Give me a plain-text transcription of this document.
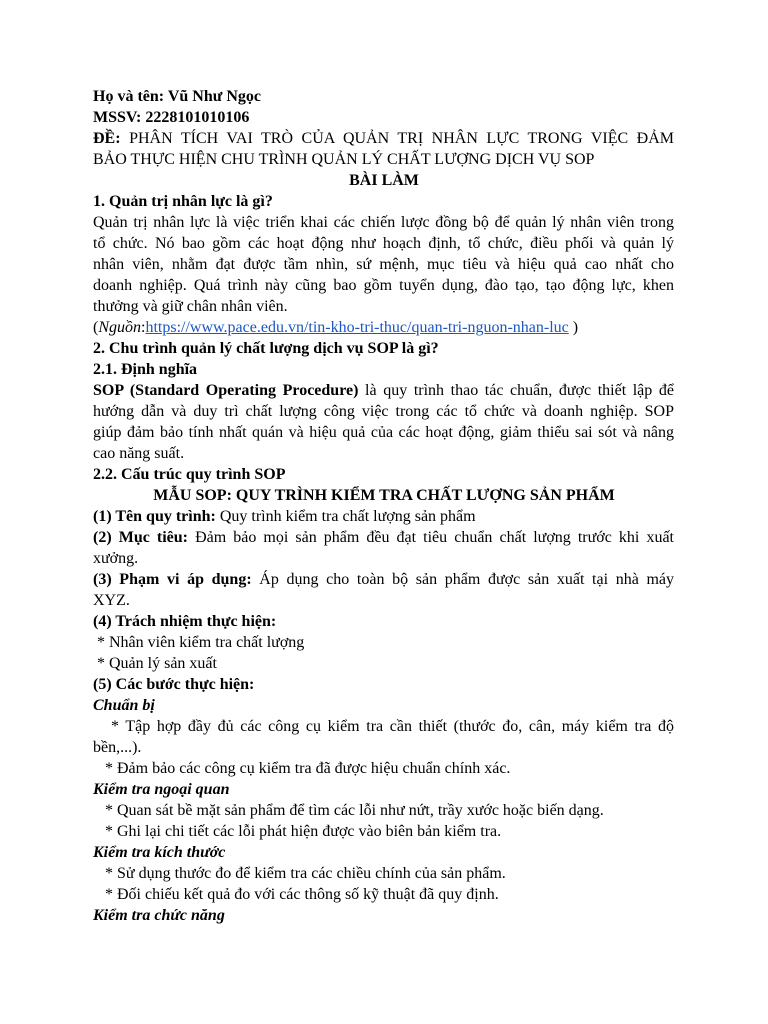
Họ và tên: Vũ Như Ngọc
MSSV: 2228101010106
ĐỀ: PHÂN TÍCH VAI TRÒ CỦA QUẢN TRỊ NHÂN LỰC TRONG VIỆC ĐẢM
BẢO THỰC HIỆN CHU TRÌNH QUẢN LÝ CHẤT LƯỢNG DỊCH VỤ SOP
BÀI LÀM
1. Quản trị nhân lực là gì?
Quản trị nhân lực là việc triển khai các chiến lược đồng bộ để quản lý nhân viên trong
tổ chức. Nó bao gồm các hoạt động như hoạch định, tổ chức, điều phối và quản lý
nhân viên, nhằm đạt được tầm nhìn, sứ mệnh, mục tiêu và hiệu quả cao nhất cho
doanh nghiệp. Quá trình này cũng bao gồm tuyển dụng, đào tạo, tạo động lực, khen
thưởng và giữ chân nhân viên.
(Nguồn:https://www.pace.edu.vn/tin-kho-tri-thuc/quan-tri-nguon-nhan-luc )
2. Chu trình quản lý chất lượng dịch vụ SOP là gì?
2.1. Định nghĩa
SOP (Standard Operating Procedure) là quy trình thao tác chuẩn, được thiết lập để
hướng dẫn và duy trì chất lượng công việc trong các tổ chức và doanh nghiệp. SOP
giúp đảm bảo tính nhất quán và hiệu quả của các hoạt động, giảm thiểu sai sót và nâng
cao năng suất.
2.2. Cấu trúc quy trình SOP
MẪU SOP: QUY TRÌNH KIỂM TRA CHẤT LƯỢNG SẢN PHẨM
(1) Tên quy trình: Quy trình kiểm tra chất lượng sản phẩm
(2) Mục tiêu: Đảm bảo mọi sản phẩm đều đạt tiêu chuẩn chất lượng trước khi xuất
xưởng.
(3) Phạm vi áp dụng: Áp dụng cho toàn bộ sản phẩm được sản xuất tại nhà máy
XYZ.
(4) Trách nhiệm thực hiện:
* Nhân viên kiểm tra chất lượng
* Quản lý sản xuất
(5) Các bước thực hiện:
Chuẩn bị
* Tập hợp đầy đủ các công cụ kiểm tra cần thiết (thước đo, cân, máy kiểm tra độ
bền,...).
* Đảm bảo các công cụ kiểm tra đã được hiệu chuẩn chính xác.
Kiểm tra ngoại quan
* Quan sát bề mặt sản phẩm để tìm các lỗi như nứt, trầy xước hoặc biến dạng.
* Ghi lại chi tiết các lỗi phát hiện được vào biên bản kiểm tra.
Kiểm tra kích thước
* Sử dụng thước đo để kiểm tra các chiều chính của sản phẩm.
* Đối chiếu kết quả đo với các thông số kỹ thuật đã quy định.
Kiểm tra chức năng
